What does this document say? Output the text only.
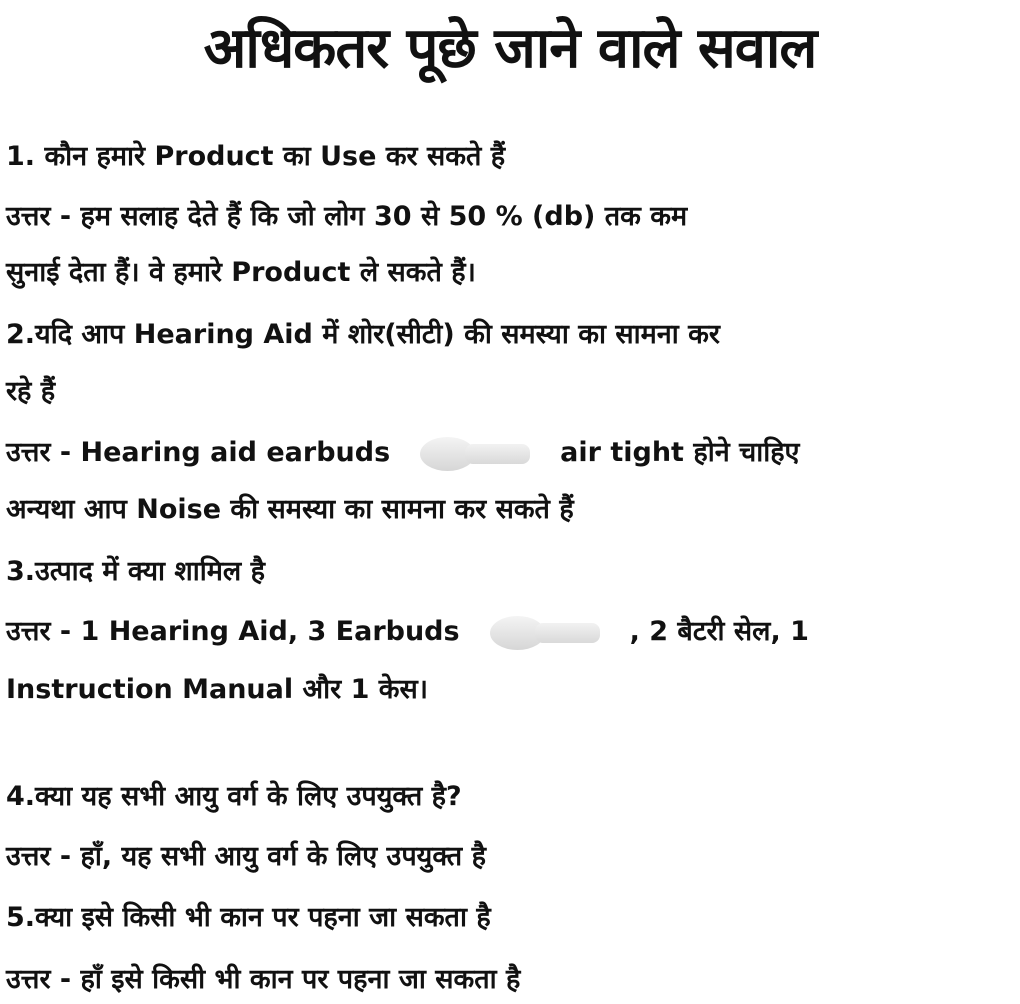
अधिकतर पूछे जाने वाले सवाल
1. कौन हमारे Product का Use कर सकते हैं
उत्तर - हम सलाह देते हैं कि जो लोग 30 से 50 % (db) तक कम
सुनाई देता हैं। वे हमारे Product ले सकते हैं।
2.यदि आप Hearing Aid में शोर(सीटी) की समस्या का सामना कर
रहे हैं
उत्तर - Hearing aid earbuds	air tight होने चाहिए
अन्यथा आप Noise की समस्या का सामना कर सकते हैं
3.उत्पाद में क्या शामिल है
उत्तर - 1 Hearing Aid, 3 Earbuds	, 2 बैटरी सेल, 1
Instruction Manual और 1 केस।
4.क्या यह सभी आयु वर्ग के लिए उपयुक्त है?
उत्तर - हाँ, यह सभी आयु वर्ग के लिए उपयुक्त है
5.क्या इसे किसी भी कान पर पहना जा सकता है
उत्तर - हाँ इसे किसी भी कान पर पहना जा सकता है
